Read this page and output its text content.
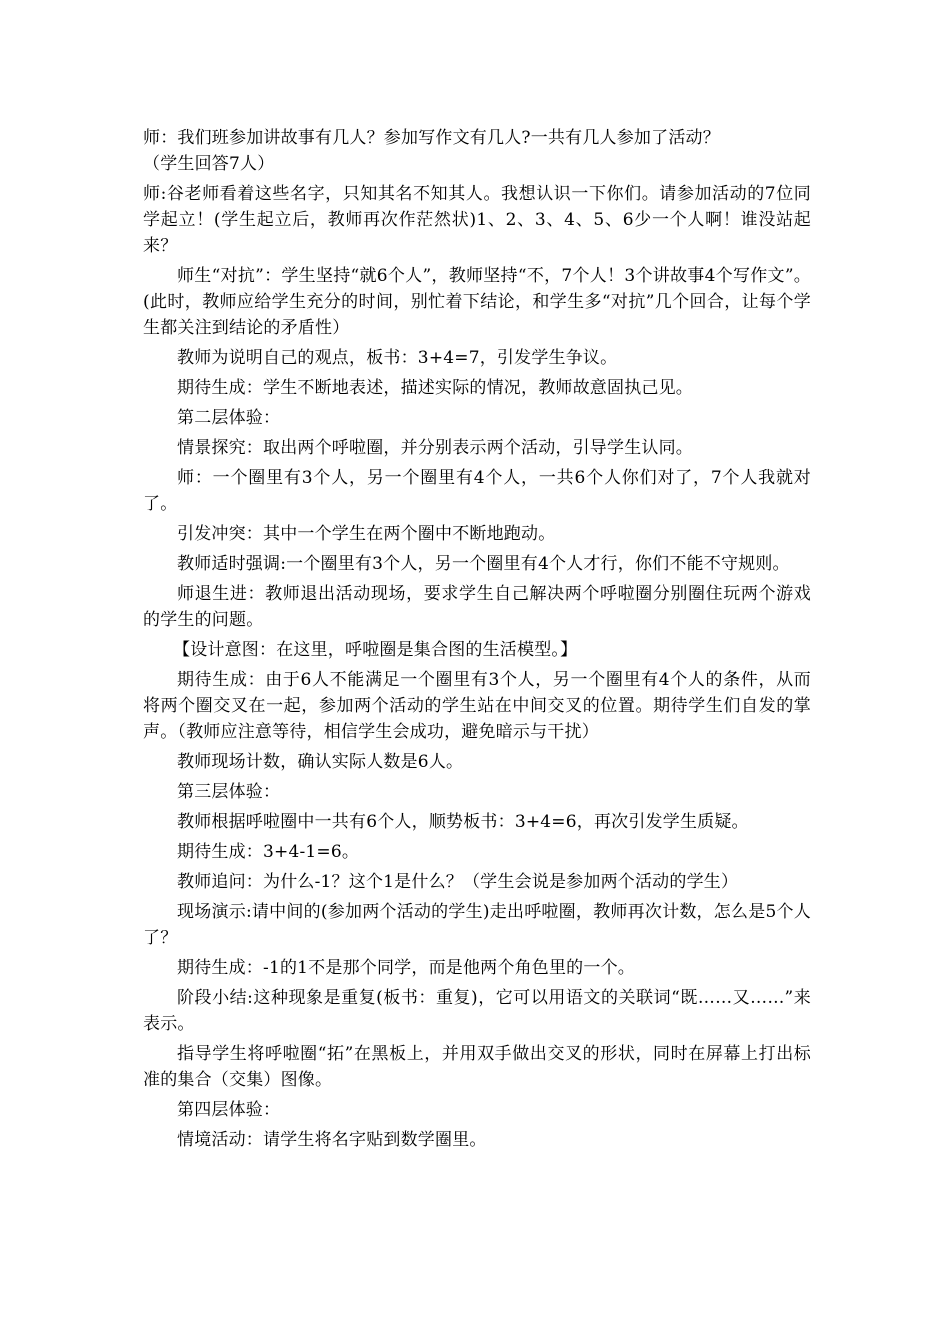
师：我们班参加讲故事有几人？参加写作文有几人?一共有几人参加了活动？

（学生回答7人）

师:谷老师看着这些名字，只知其名不知其人。我想认识一下你们。请参加活动的7位同学起立！(学生起立后，教师再次作茫然状)1、2、3、4、5、6少一个人啊！谁没站起来？

师生“对抗”：学生坚持“就6个人”，教师坚持“不，7个人！3个讲故事4个写作文”。(此时，教师应给学生充分的时间，别忙着下结论，和学生多“对抗”几个回合，让每个学生都关注到结论的矛盾性）

教师为说明自己的观点，板书：3+4=7，引发学生争议。

期待生成：学生不断地表述，描述实际的情况，教师故意固执己见。

第二层体验：

情景探究：取出两个呼啦圈，并分别表示两个活动，引导学生认同。

师：一个圈里有3个人，另一个圈里有4个人，一共6个人你们对了，7个人我就对了。

引发冲突：其中一个学生在两个圈中不断地跑动。

教师适时强调:一个圈里有3个人，另一个圈里有4个人才行，你们不能不守规则。

师退生进：教师退出活动现场，要求学生自己解决两个呼啦圈分别圈住玩两个游戏的学生的问题。

【设计意图：在这里，呼啦圈是集合图的生活模型。】

期待生成：由于6人不能满足一个圈里有3个人，另一个圈里有4个人的条件，从而将两个圈交叉在一起，参加两个活动的学生站在中间交叉的位置。期待学生们自发的掌声。（教师应注意等待，相信学生会成功，避免暗示与干扰）

教师现场计数，确认实际人数是6人。

第三层体验：

教师根据呼啦圈中一共有6个人，顺势板书：3+4=6，再次引发学生质疑。

期待生成：3+4-1=6。

教师追问：为什么-1？这个1是什么？（学生会说是参加两个活动的学生）

现场演示:请中间的(参加两个活动的学生)走出呼啦圈，教师再次计数，怎么是5个人了？

期待生成：-1的1不是那个同学，而是他两个角色里的一个。

阶段小结:这种现象是重复(板书：重复)，它可以用语文的关联词“既……又……”来表示。

指导学生将呼啦圈“拓”在黑板上，并用双手做出交叉的形状，同时在屏幕上打出标准的集合（交集）图像。

第四层体验：

情境活动：请学生将名字贴到数学圈里。
